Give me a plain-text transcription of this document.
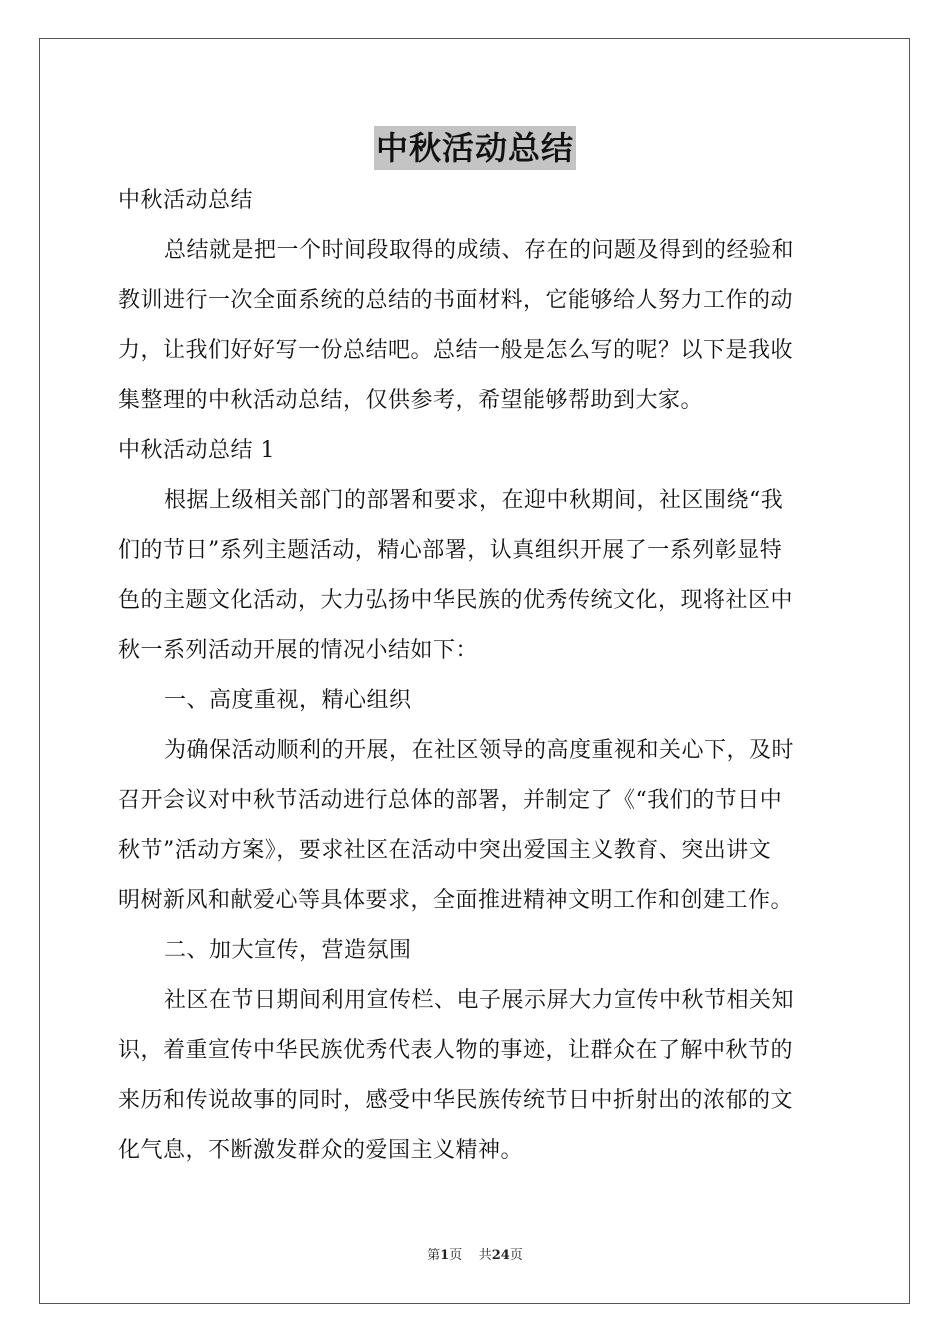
中秋活动总结
中秋活动总结
总结就是把一个时间段取得的成绩、存在的问题及得到的经验和
教训进行一次全面系统的总结的书面材料，它能够给人努力工作的动
力，让我们好好写一份总结吧。总结一般是怎么写的呢？以下是我收
集整理的中秋活动总结，仅供参考，希望能够帮助到大家。
中秋活动总结 1
根据上级相关部门的部署和要求，在迎中秋期间，社区围绕“我
们的节日”系列主题活动，精心部署，认真组织开展了一系列彰显特
色的主题文化活动，大力弘扬中华民族的优秀传统文化，现将社区中
秋一系列活动开展的情况小结如下：
一、高度重视，精心组织
为确保活动顺利的开展，在社区领导的高度重视和关心下，及时
召开会议对中秋节活动进行总体的部署，并制定了《“我们的节日中
秋节”活动方案》，要求社区在活动中突出爱国主义教育、突出讲文
明树新风和献爱心等具体要求，全面推进精神文明工作和创建工作。
二、加大宣传，营造氛围
社区在节日期间利用宣传栏、电子展示屏大力宣传中秋节相关知
识，着重宣传中华民族优秀代表人物的事迹，让群众在了解中秋节的
来历和传说故事的同时，感受中华民族传统节日中折射出的浓郁的文
化气息，不断激发群众的爱国主义精神。
第1页 共24页
